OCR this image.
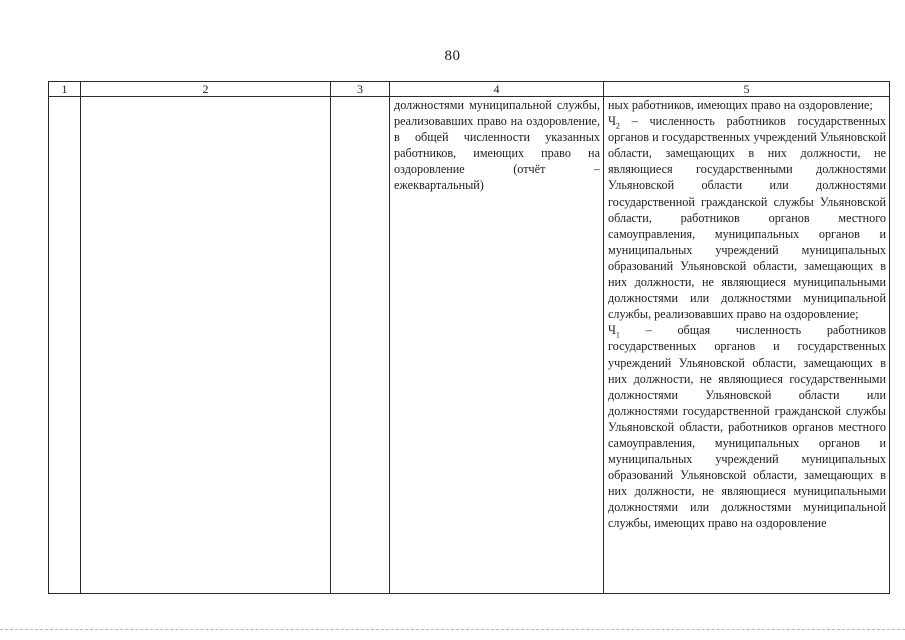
80
1	2	3	4	5

			должностями муниципальной службы, реализовавших право на оздоровление, в общей численности указанных работников, имеющих право на оздоровление (отчёт – ежеквартальный)	ных работников, имеющих право на оздоровление;

$Ч_2$ – численность работников государственных органов и государственных учреждений Ульяновской области, замещающих в них должности, не являющиеся государственными должностями Ульяновской области или должностями государственной гражданской службы Ульяновской области, работников органов местного самоуправления, муниципальных органов и муниципальных учреждений муниципальных образований Ульяновской области, замещающих в них должности, не являющиеся муниципальными должностями или должностями муниципальной службы, реализовавших право на оздоровление;

$Ч_1$ – общая численность работников государственных органов и государственных учреждений Ульяновской области, замещающих в них должности, не являющиеся государственными должностями Ульяновской области или должностями государственной гражданской службы Ульяновской области, работников органов местного самоуправления, муниципальных органов и муниципальных учреждений муниципальных образований Ульяновской области, замещающих в них должности, не являющиеся муниципальными должностями или должностями муниципальной службы, имеющих право на оздоровление
